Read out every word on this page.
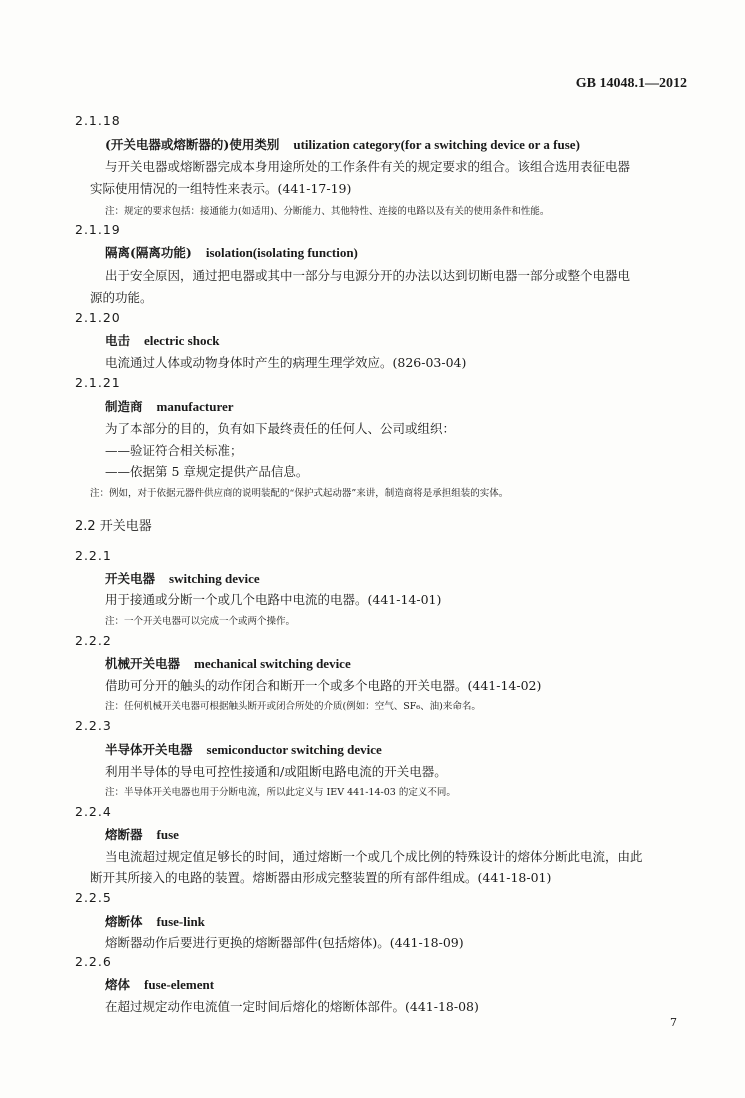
GB 14048.1—2012
2.1.18
(开关电器或熔断器的)使用类别 utilization category(for a switching device or a fuse)
与开关电器或熔断器完成本身用途所处的工作条件有关的规定要求的组合。该组合选用表征电器
实际使用情况的一组特性来表示。(441-17-19)
注：规定的要求包括：接通能力(如适用)、分断能力、其他特性、连接的电路以及有关的使用条件和性能。
2.1.19
隔离(隔离功能) isolation(isolating function)
出于安全原因，通过把电器或其中一部分与电源分开的办法以达到切断电器一部分或整个电器电
源的功能。
2.1.20
电击 electric shock
电流通过人体或动物身体时产生的病理生理学效应。(826-03-04)
2.1.21
制造商 manufacturer
为了本部分的目的，负有如下最终责任的任何人、公司或组织：
——验证符合相关标准；
——依据第 5 章规定提供产品信息。
注：例如，对于依据元器件供应商的说明装配的“保护式起动器”来讲，制造商将是承担组装的实体。
2.2 开关电器
2.2.1
开关电器 switching device
用于接通或分断一个或几个电路中电流的电器。(441-14-01)
注：一个开关电器可以完成一个或两个操作。
2.2.2
机械开关电器 mechanical switching device
借助可分开的触头的动作闭合和断开一个或多个电路的开关电器。(441-14-02)
注：任何机械开关电器可根据触头断开或闭合所处的介质(例如：空气、SF₆、油)来命名。
2.2.3
半导体开关电器 semiconductor switching device
利用半导体的导电可控性接通和/或阻断电路电流的开关电器。
注：半导体开关电器也用于分断电流，所以此定义与 IEV 441-14-03 的定义不同。
2.2.4
熔断器 fuse
当电流超过规定值足够长的时间，通过熔断一个或几个成比例的特殊设计的熔体分断此电流，由此
断开其所接入的电路的装置。熔断器由形成完整装置的所有部件组成。(441-18-01)
2.2.5
熔断体 fuse-link
熔断器动作后要进行更换的熔断器部件(包括熔体)。(441-18-09)
2.2.6
熔体 fuse-element
在超过规定动作电流值一定时间后熔化的熔断体部件。(441-18-08)
7
